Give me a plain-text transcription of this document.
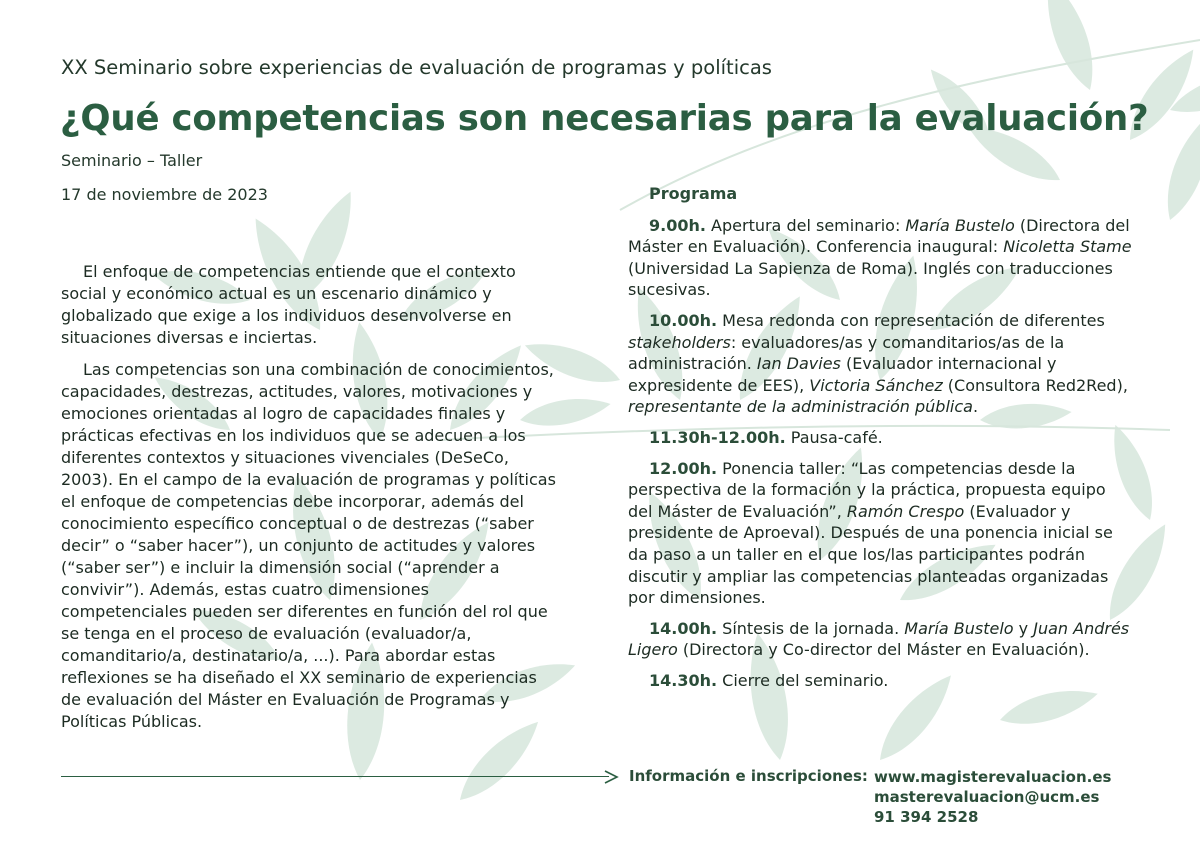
XX Seminario sobre experiencias de evaluación de programas y políticas
¿Qué competencias son necesarias para la evaluación?
Seminario – Taller
17 de noviembre de 2023

El enfoque de competencias entiende que el contexto social y económico actual es un escenario dinámico y globalizado que exige a los individuos desenvolverse en situaciones diversas e inciertas.

Las competencias son una combinación de conocimientos, capacidades, destrezas, actitudes, valores, motivaciones y emociones orientadas al logro de capacidades finales y prácticas efectivas en los individuos que se adecuen a los diferentes contextos y situaciones vivenciales (DeSeCo, 2003). En el campo de la evaluación de programas y políticas el enfoque de competencias debe incorporar, además del conocimiento específico conceptual o de destrezas (“saber decir” o “saber hacer”), un conjunto de actitudes y valores (“saber ser”) e incluir la dimensión social (“aprender a convivir”). Además, estas cuatro dimensiones competenciales pueden ser diferentes en función del rol que se tenga en el proceso de evaluación (evaluador/a, comanditario/a, destinatario/a, ...). Para abordar estas reflexiones se ha diseñado el XX seminario de experiencias de evaluación del Máster en Evaluación de Programas y Políticas Públicas.

Programa

9.00h. Apertura del seminario: María Bustelo (Directora del Máster en Evaluación). Conferencia inaugural: Nicoletta Stame (Universidad La Sapienza de Roma). Inglés con traducciones sucesivas.

10.00h. Mesa redonda con representación de diferentes stakeholders: evaluadores/as y comanditarios/as de la administración. Ian Davies (Evaluador internacional y expresidente de EES), Victoria Sánchez (Consultora Red2Red), representante de la administración pública.

11.30h-12.00h. Pausa-café.

12.00h. Ponencia taller: “Las competencias desde la perspectiva de la formación y la práctica, propuesta equipo del Máster de Evaluación”, Ramón Crespo (Evaluador y presidente de Aproeval). Después de una ponencia inicial se da paso a un taller en el que los/las participantes podrán discutir y ampliar las competencias planteadas organizadas por dimensiones.

14.00h. Síntesis de la jornada. María Bustelo y Juan Andrés Ligero (Directora y Co-director del Máster en Evaluación).

14.30h. Cierre del seminario.

Información e inscripciones: www.magisterevaluacion.es
masterevaluacion@ucm.es
91 394 2528
